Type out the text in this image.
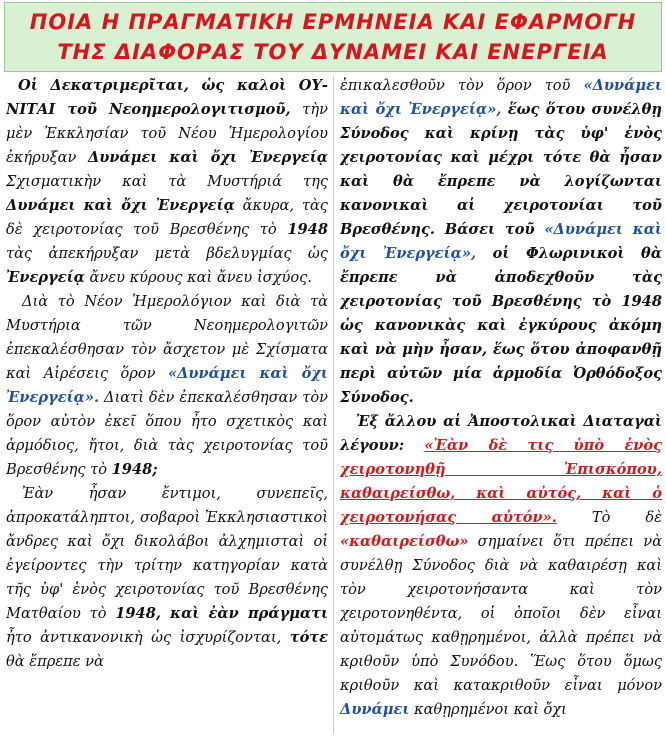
ΠΟΙΑ Η ΠΡΑΓΜΑΤΙΚΗ ΕΡΜΗΝΕΙΑ ΚΑΙ ΕΦΑΡΜΟΓΗ
ΤΗΣ ΔΙΑΦΟΡΑΣ ΤΟΥ ΔΥΝΑΜΕΙ ΚΑΙ ΕΝΕΡΓΕΙΑ

Οἱ Δεκατριμερῖται, ὡς καλοὶ ΟΥ-ΝΙΤΑΙ τοῦ Νεοημερολογιτισμοῦ, τὴν μὲν Ἐκκλησίαν τοῦ Νέου Ἡμερολογίου ἐκήρυξαν Δυνάμει καὶ ὄχι Ἐνεργείᾳ Σχισματικὴν καὶ τὰ Μυστήριά της Δυνάμει καὶ ὄχι Ἐνεργείᾳ ἄκυρα, τὰς δὲ χειροτονίας τοῦ Βρεσθένης τὸ 1948 τὰς ἀπεκήρυξαν μετὰ βδελυγμίας ὡς Ἐνεργείᾳ ἄνευ κύρους καὶ ἄνευ ἰσχύος.

Διὰ τὸ Νέον Ἡμερολόγιον καὶ διὰ τὰ Μυστήρια τῶν Νεοημερολογιτῶν ἐπεκαλέσθησαν τὸν ἄσχετον μὲ Σχίσματα καὶ Αἱρέσεις ὅρον «Δυνάμει καὶ ὄχι Ἐνεργείᾳ». Διατὶ δὲν ἐπεκαλέσθησαν τὸν ὅρον αὐτὸν ἐκεῖ ὅπου ἦτο σχετικὸς καὶ ἁρμόδιος, ἤτοι, διὰ τὰς χειροτονίας τοῦ Βρεσθένης τὸ 1948;

Ἐὰν ἦσαν ἔντιμοι, συνεπεῖς, ἀπροκατάληπτοι, σοβαροὶ Ἐκκλησιαστικοὶ ἄνδρες καὶ ὄχι δικολάβοι ἀλχημισταὶ οἱ ἐγείροντες τὴν τρίτην κατηγορίαν κατὰ τῆς ὑφ' ἑνὸς χειροτονίας τοῦ Βρεσθένης Ματθαίου τὸ 1948, καὶ ἐὰν πράγματι ἦτο ἀντικανονικὴ ὡς ἰσχυρίζονται, τότε θὰ ἔπρεπε νὰ

ἐπικαλεσθοῦν τὸν ὅρον τοῦ «Δυνάμει καὶ ὄχι Ἐνεργείᾳ», ἕως ὅτου συνέλθῃ Σύνοδος καὶ κρίνῃ τὰς ὑφ' ἑνὸς χειροτονίας καὶ μέχρι τότε θὰ ἦσαν καὶ θὰ ἔπρεπε νὰ λογίζωνται κανονικαὶ αἱ χειροτονίαι τοῦ Βρεσθένης. Βάσει τοῦ «Δυνάμει καὶ ὄχι Ἐνεργείᾳ», οἱ Φλωρινικοὶ θὰ ἔπρεπε νὰ ἀποδεχθοῦν τὰς χειροτονίας τοῦ Βρεσθένης τὸ 1948 ὡς κανονικὰς καὶ ἐγκύρους ἀκόμη καὶ νὰ μὴν ἦσαν, ἕως ὅτου ἀποφανθῇ περὶ αὐτῶν μία ἁρμοδία Ὀρθόδοξος Σύνοδος.

Ἐξ ἄλλου αἱ Ἀποστολικαὶ Διαταγαὶ λέγουν: «Ἐὰν δὲ τις ὑπὸ ἑνὸς χειροτονηθῇ Ἐπισκόπου, καθαιρείσθω, καὶ αὐτός, καὶ ὁ χειροτονήσας αὐτόν». Τὸ δὲ «καθαιρείσθω» σημαίνει ὅτι πρέπει νὰ συνέλθῃ Σύνοδος διὰ νὰ καθαιρέσῃ καὶ τὸν χειροτονήσαντα καὶ τὸν χειροτονηθέντα, οἱ ὁποῖοι δὲν εἶναι αὐτομάτως καθῃρημένοι, ἀλλὰ πρέπει νὰ κριθοῦν ὑπὸ Συνόδου. Ἕως ὅτου ὅμως κριθοῦν καὶ κατακριθοῦν εἶναι μόνον Δυνάμει καθῃρημένοι καὶ ὄχι
